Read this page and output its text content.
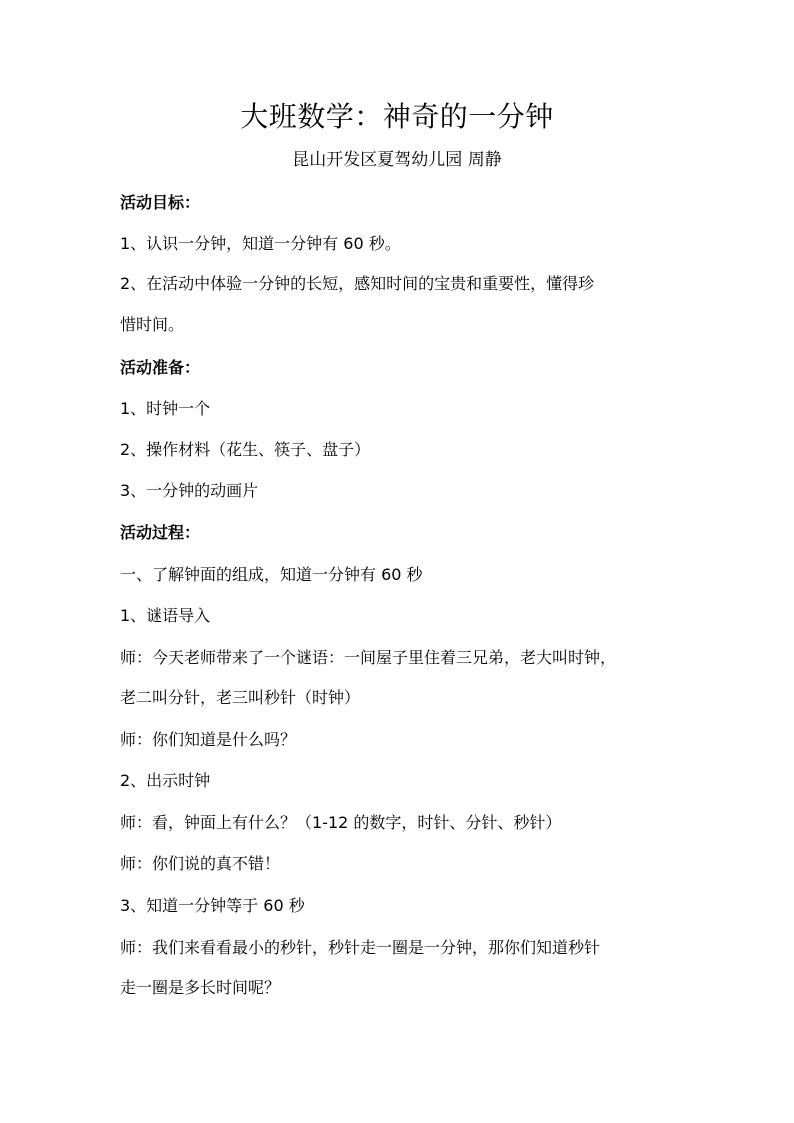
大班数学：神奇的一分钟
昆山开发区夏驾幼儿园 周静
活动目标：
1、认识一分钟，知道一分钟有 60 秒。
2、在活动中体验一分钟的长短，感知时间的宝贵和重要性，懂得珍
惜时间。
活动准备：
1、时钟一个
2、操作材料（花生、筷子、盘子）
3、一分钟的动画片
活动过程：
一、了解钟面的组成，知道一分钟有 60 秒
1、谜语导入
师：今天老师带来了一个谜语：一间屋子里住着三兄弟，老大叫时钟，
老二叫分针，老三叫秒针（时钟）
师：你们知道是什么吗？
2、出示时钟
师：看，钟面上有什么？（1-12 的数字，时针、分针、秒针）
师：你们说的真不错！
3、知道一分钟等于 60 秒
师：我们来看看最小的秒针，秒针走一圈是一分钟，那你们知道秒针
走一圈是多长时间呢？
